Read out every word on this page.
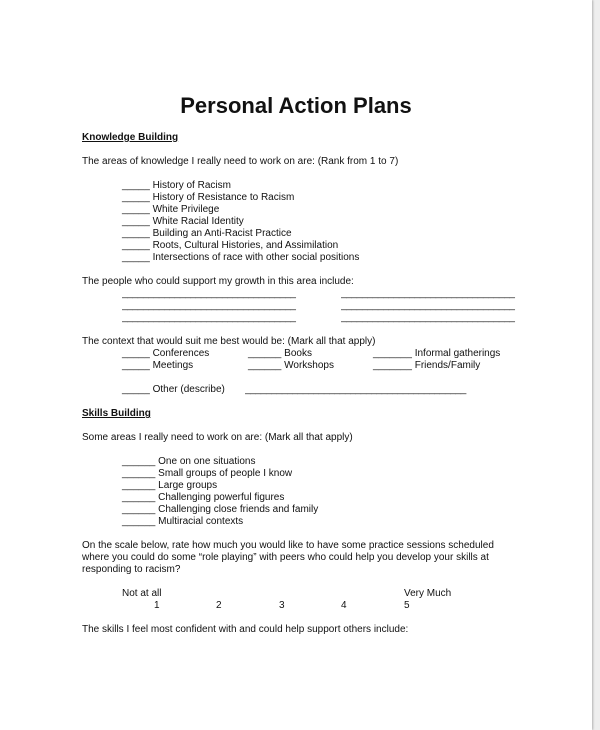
Personal Action Plans
Knowledge Building
The areas of knowledge I really need to work on are: (Rank from 1 to 7)
_____ History of Racism
_____ History of Resistance to Racism
_____ White Privilege
_____ White Racial Identity
_____ Building an Anti-Racist Practice
_____ Roots, Cultural Histories, and Assimilation
_____ Intersections of race with other social positions
The people who could support my growth in this area include:
_________________________________	_________________________________
_________________________________	_________________________________
_________________________________	_________________________________
The context that would suit me best would be: (Mark all that apply)
_____ Conferences	______ Books	_______ Informal gatherings
_____ Meetings	______ Workshops	_______ Friends/Family
_____ Other (describe) __________________________________________
Skills Building
Some areas I really need to work on are: (Mark all that apply)
______ One on one situations
______ Small groups of people I know
______ Large groups
______ Challenging powerful figures
______ Challenging close friends and family
______ Multiracial contexts
On the scale below, rate how much you would like to have some practice sessions scheduled
where you could do some “role playing” with peers who could help you develop your skills at
responding to racism?
Not at all	Very Much
1	2	3	4	5
The skills I feel most confident with and could help support others include:
